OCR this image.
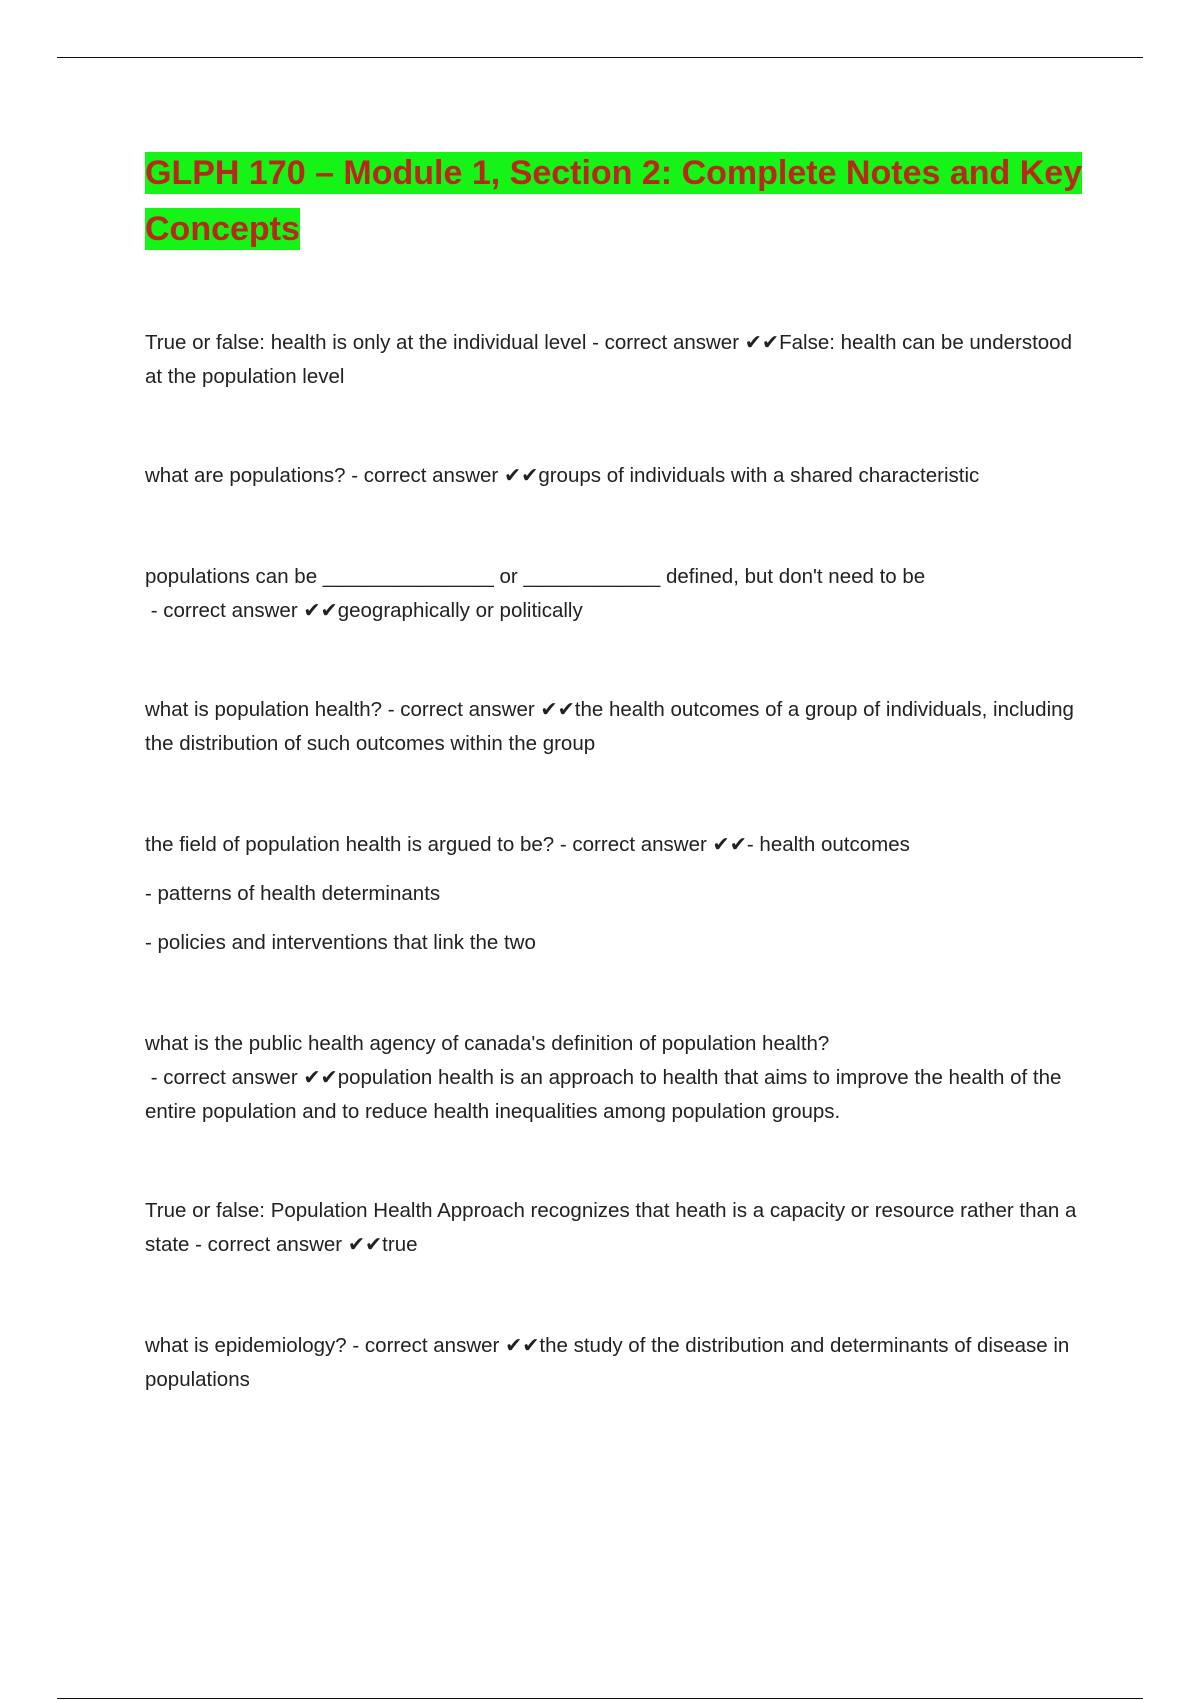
GLPH 170 – Module 1, Section 2: Complete Notes and Key Concepts

True or false: health is only at the individual level - correct answer ✔✔False: health can be understood at the population level

what are populations? - correct answer ✔✔groups of individuals with a shared characteristic

populations can be _______________ or ____________ defined, but don't need to be - correct answer ✔✔geographically or politically

what is population health? - correct answer ✔✔the health outcomes of a group of individuals, including the distribution of such outcomes within the group

the field of population health is argued to be? - correct answer ✔✔- health outcomes

- patterns of health determinants

- policies and interventions that link the two

what is the public health agency of canada's definition of population health? - correct answer ✔✔population health is an approach to health that aims to improve the health of the entire population and to reduce health inequalities among population groups.

True or false: Population Health Approach recognizes that heath is a capacity or resource rather than a state - correct answer ✔✔true

what is epidemiology? - correct answer ✔✔the study of the distribution and determinants of disease in populations
